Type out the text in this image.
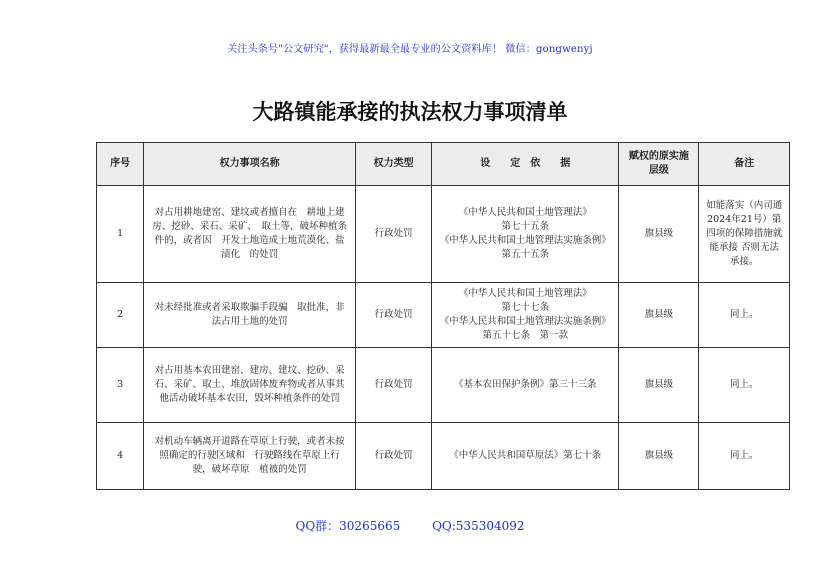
关注头条号"公文研究"，获得最新最全最专业的公文资料库！ 微信：gongwenyj
大路镇能承接的执法权力事项清单
序号	权力事项名称	权力类型	设　　定　依　　据	赋权的原实施层级	备注
1	对占用耕地建窑、建坟或者擅自在　耕地上建房、挖砂、采石、采矿、　取土等，破坏种植条件的，或者因　开发土地造成土地荒漠化、盐渍化　的处罚	行政处罚	《中华人民共和国土地管理法》
第七十五条
《中华人民共和国土地管理法实施条例》第五十五条	旗县级	如能落实（内司通2024年21号）第四项的保障措施就能承接 否则无法承接。
2	对未经批准或者采取欺骗手段骗　取批准，非法占用土地的处罚	行政处罚	《中华人民共和国土地管理法》
第七十七条
《中华人民共和国土地管理法实施条例》第五十七条　第一款	旗县级	同上。
3	对占用基本农田建窑、建房、建坟、挖砂、采石、采矿、取土、堆放固体废弃物或者从事其他活动破坏基本农田，毁坏种植条件的处罚	行政处罚	《基本农田保护条例》第三十三条	旗县级	同上。
4	对机动车辆离开道路在草原上行驶，或者未按照确定的行驶区域和　行驶路线在草原上行驶，破坏草原　植被的处罚	行政处罚	《中华人民共和国草原法》第七十条	旗县级	同上。
QQ群：30265665	QQ:535304092
